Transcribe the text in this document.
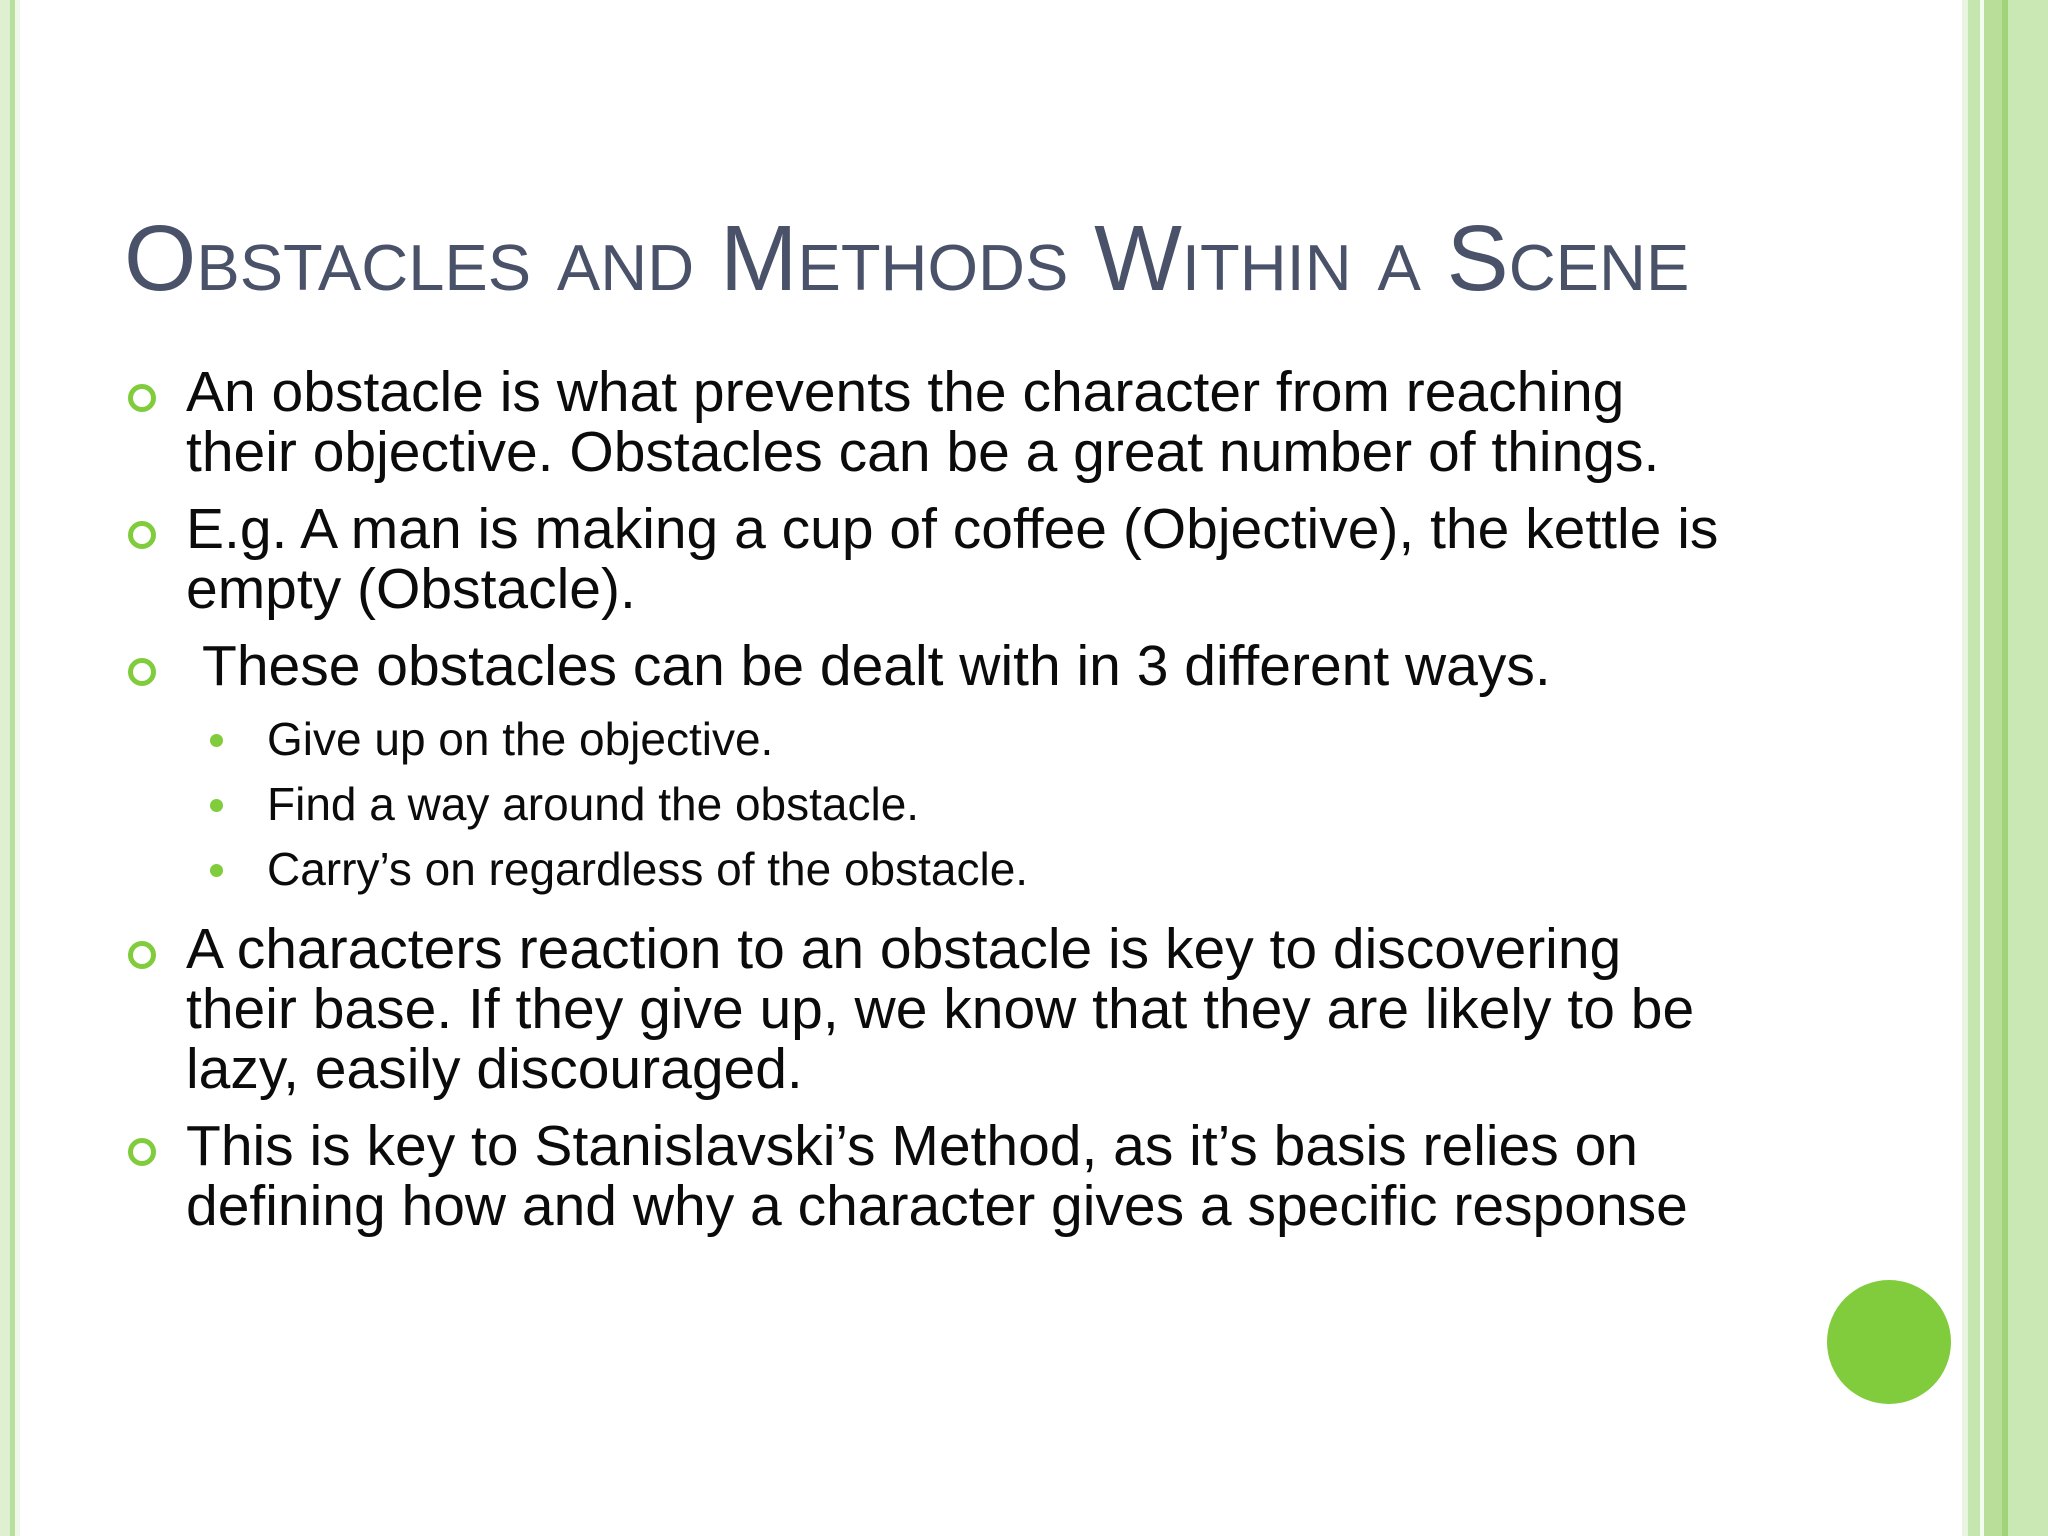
Obstacles and Methods Within a Scene
An obstacle is what prevents the character from reaching their objective. Obstacles can be a great number of things.
E.g. A man is making a cup of coffee (Objective), the kettle is empty (Obstacle).
These obstacles can be dealt with in 3 different ways.
Give up on the objective.
Find a way around the obstacle.
Carry’s on regardless of the obstacle.
A characters reaction to an obstacle is key to discovering their base. If they give up, we know that they are likely to be lazy, easily discouraged.
This is key to Stanislavski’s Method, as it’s basis relies on defining how and why a character gives a specific response
